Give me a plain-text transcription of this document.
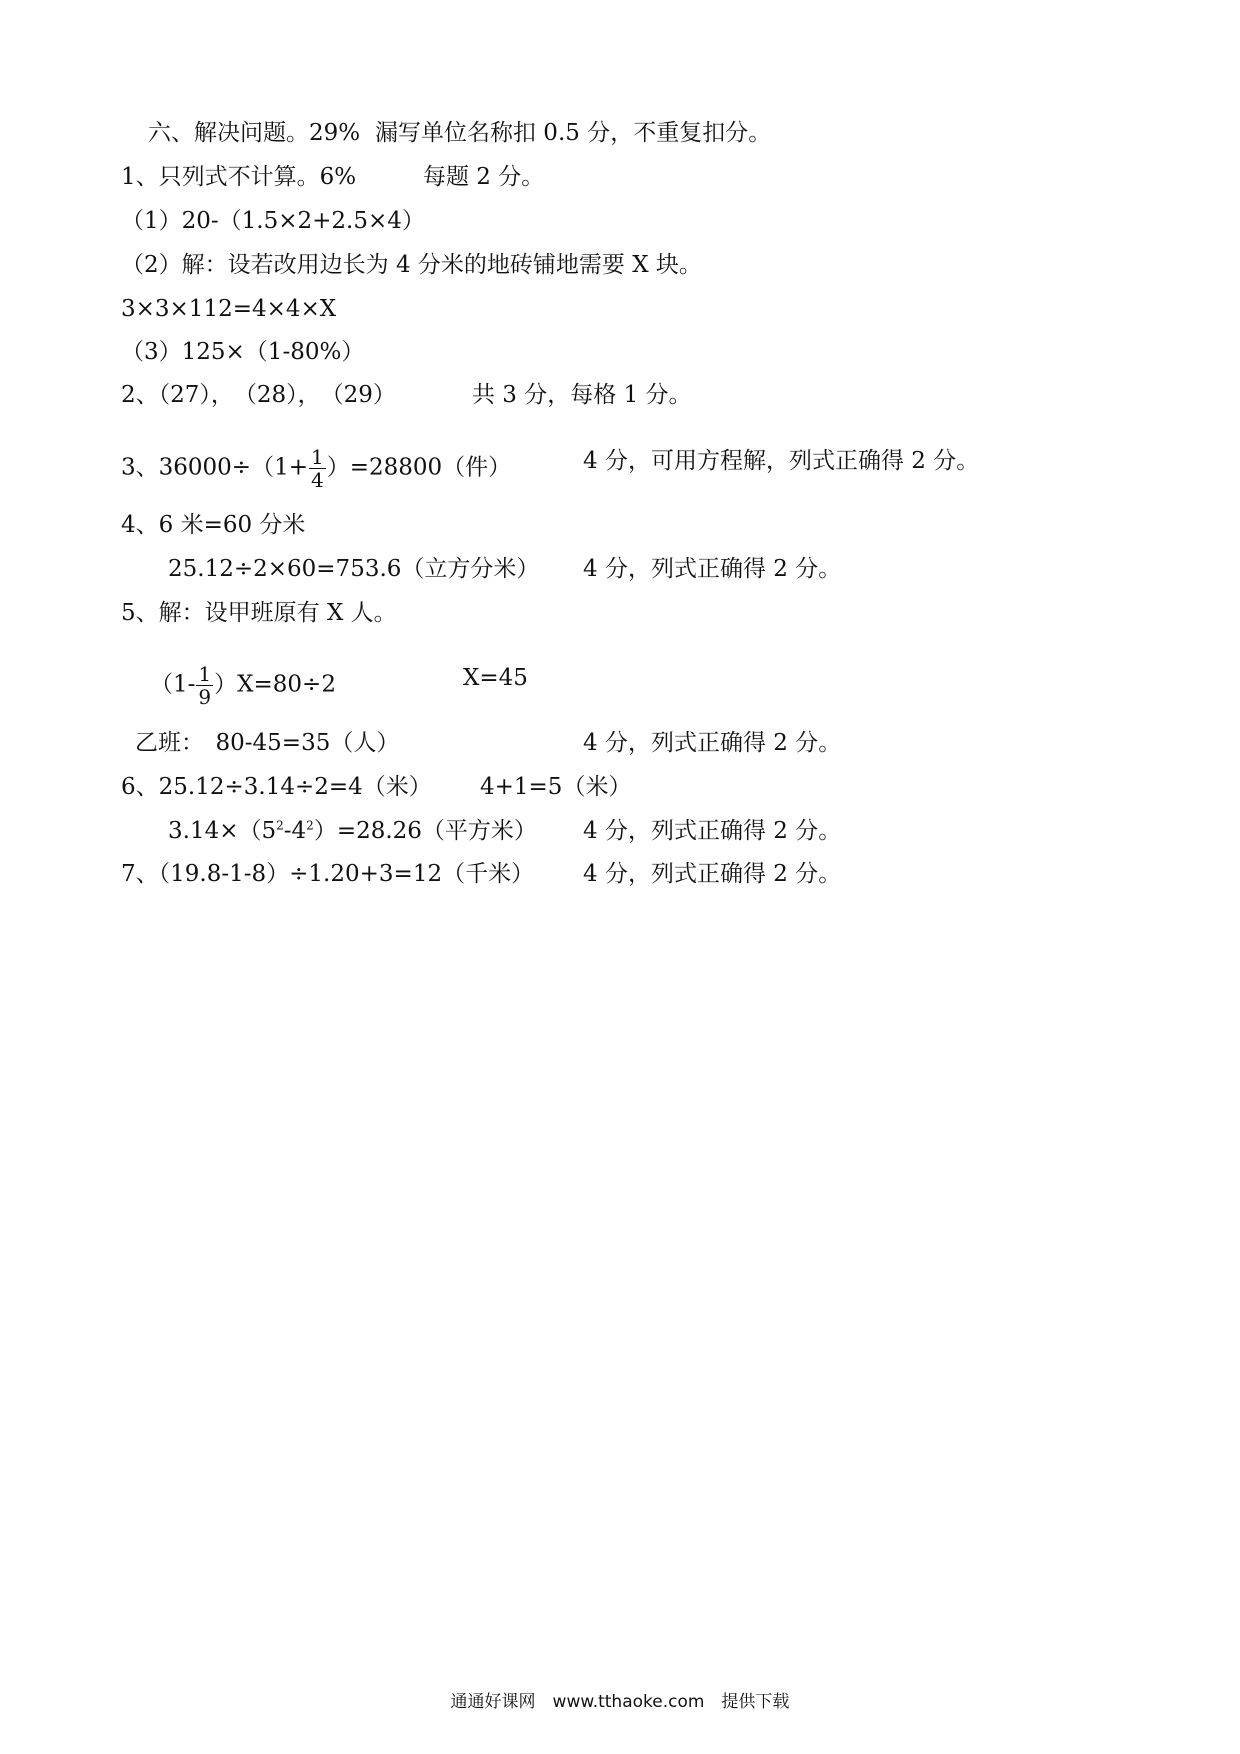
六、解决问题。29% 漏写单位名称扣 0.5 分，不重复扣分。
1、只列式不计算。6%	每题 2 分。
（1）20-（1.5×2+2.5×4）
（2）解：设若改用边长为 4 分米的地砖铺地需要 X 块。
3×3×112=4×4×X
（3）125×（1-80%）
2、（27），　（28），　（29）	共 3 分，每格 1 分。
3、$36000\div(1+ \frac{1}{4} )=28800$（件）	4 分，可用方程解，列式正确得 2 分。
4、6 米=60 分米
25.12÷2×60=753.6（立方分米） 4 分，列式正确得 2 分。
5、解：设甲班原有 X 人。
$(1- \frac{1}{9} )X=80\div 2$	X=45
乙班：　80-45=35（人）	4 分，列式正确得 2 分。
6、25.12÷3.14÷2=4（米） 4+1=5（米）
$3.14\times(5^2-4^2)=28.26$（平方米） 4 分，列式正确得 2 分。
7、（19.8-1-8）÷1.20+3=12（千米） 4 分，列式正确得 2 分。
通通好课网　www.tthaoke.com　提供下载
